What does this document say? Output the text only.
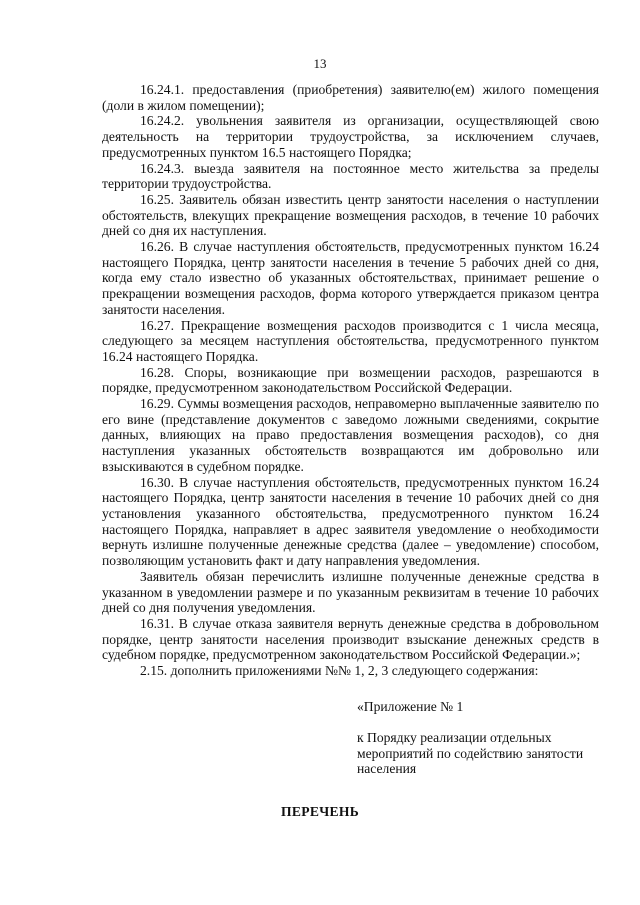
13

16.24.1. предоставления (приобретения) заявителю(ем) жилого помещения (доли в жилом помещении);

16.24.2. увольнения заявителя из организации, осуществляющей свою деятельность на территории трудоустройства, за исключением случаев, предусмотренных пунктом 16.5 настоящего Порядка;

16.24.3. выезда заявителя на постоянное место жительства за пределы территории трудоустройства.

16.25. Заявитель обязан известить центр занятости населения о наступлении обстоятельств, влекущих прекращение возмещения расходов, в течение 10 рабочих дней со дня их наступления.

16.26. В случае наступления обстоятельств, предусмотренных пунктом 16.24 настоящего Порядка, центр занятости населения в течение 5 рабочих дней со дня, когда ему стало известно об указанных обстоятельствах, принимает решение о прекращении возмещения расходов, форма которого утверждается приказом центра занятости населения.

16.27. Прекращение возмещения расходов производится с 1 числа месяца, следующего за месяцем наступления обстоятельства, предусмотренного пунктом 16.24 настоящего Порядка.

16.28. Споры, возникающие при возмещении расходов, разрешаются в порядке, предусмотренном законодательством Российской Федерации.

16.29. Суммы возмещения расходов, неправомерно выплаченные заявителю по его вине (представление документов с заведомо ложными сведениями, сокрытие данных, влияющих на право предоставления возмещения расходов), со дня наступления указанных обстоятельств возвращаются им добровольно или взыскиваются в судебном порядке.

16.30. В случае наступления обстоятельств, предусмотренных пунктом 16.24 настоящего Порядка, центр занятости населения в течение 10 рабочих дней со дня установления указанного обстоятельства, предусмотренного пунктом 16.24 настоящего Порядка, направляет в адрес заявителя уведомление о необходимости вернуть излишне полученные денежные средства (далее – уведомление) способом, позволяющим установить факт и дату направления уведомления.

Заявитель обязан перечислить излишне полученные денежные средства в указанном в уведомлении размере и по указанным реквизитам в течение 10 рабочих дней со дня получения уведомления.

16.31. В случае отказа заявителя вернуть денежные средства в добровольном порядке, центр занятости населения производит взыскание денежных средств в судебном порядке, предусмотренном законодательством Российской Федерации.»;

2.15. дополнить приложениями №№ 1, 2, 3 следующего содержания:

«Приложение № 1
к Порядку реализации отдельных мероприятий по содействию занятости населения
ПЕРЕЧЕНЬ
